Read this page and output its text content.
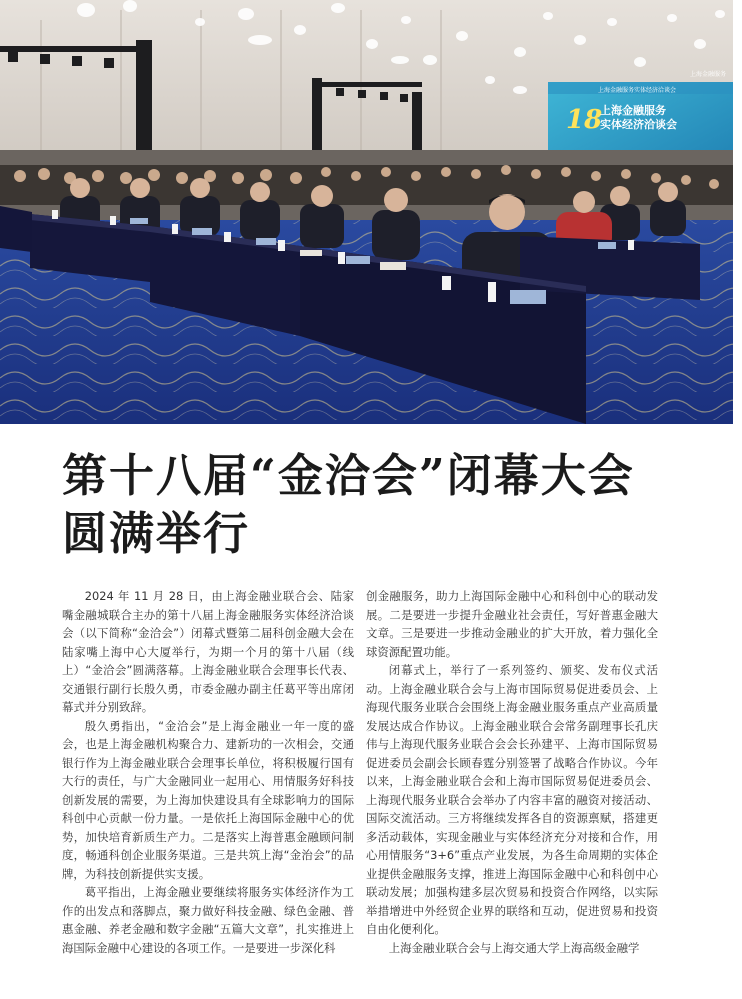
18
上海金融服务实体经济洽谈会
上海金融服务
实体经济洽谈会
上海金融服务
第十八届“金洽会”闭幕大会
圆满举行

2024 年 11 月 28 日，由上海金融业联合会、陆家嘴金融城联合主办的第十八届上海金融服务实体经济洽谈会（以下简称“金洽会”）闭幕式暨第二届科创金融大会在陆家嘴上海中心大厦举行，为期一个月的第十八届（线上）“金洽会”圆满落幕。上海金融业联合会理事长代表、交通银行副行长殷久勇，市委金融办副主任葛平等出席闭幕式并分别致辞。

殷久勇指出，“金洽会”是上海金融业一年一度的盛会，也是上海金融机构聚合力、建新功的一次相会，交通银行作为上海金融业联合会理事长单位，将积极履行国有大行的责任，与广大金融同业一起用心、用情服务好科技创新发展的需要，为上海加快建设具有全球影响力的国际科创中心贡献一份力量。一是依托上海国际金融中心的优势，加快培育新质生产力。二是落实上海普惠金融顾问制度，畅通科创企业服务渠道。三是共筑上海“金治会”的品牌，为科技创新提供实支援。

葛平指出，上海金融业要继续将服务实体经济作为工作的出发点和落脚点，聚力做好科技金融、绿色金融、普惠金融、养老金融和数字金融“五篇大文章”，扎实推进上海国际金融中心建设的各项工作。一是要进一步深化科

创金融服务，助力上海国际金融中心和科创中心的联动发展。二是要进一步提升金融业社会责任，写好普惠金融大文章。三是要进一步推动金融业的扩大开放，着力强化全球资源配置功能。

闭幕式上，举行了一系列签约、颁奖、发布仪式活动。上海金融业联合会与上海市国际贸易促进委员会、上海现代服务业联合会围绕上海金融业服务重点产业高质量发展达成合作协议。上海金融业联合会常务副理事长孔庆伟与上海现代服务业联合会会长孙建平、上海市国际贸易促进委员会副会长顾春霆分别签署了战略合作协议。今年以来，上海金融业联合会和上海市国际贸易促进委员会、上海现代服务业联合会举办了内容丰富的融资对接活动、国际交流活动。三方将继续发挥各自的资源禀赋，搭建更多活动载体，实现金融业与实体经济充分对接和合作，用心用情服务“3+6”重点产业发展，为各生命周期的实体企业提供金融服务支撑，推进上海国际金融中心和科创中心联动发展；加强构建多层次贸易和投资合作网络，以实际举措增进中外经贸企业界的联络和互动，促进贸易和投资自由化便利化。

上海金融业联合会与上海交通大学上海高级金融学
